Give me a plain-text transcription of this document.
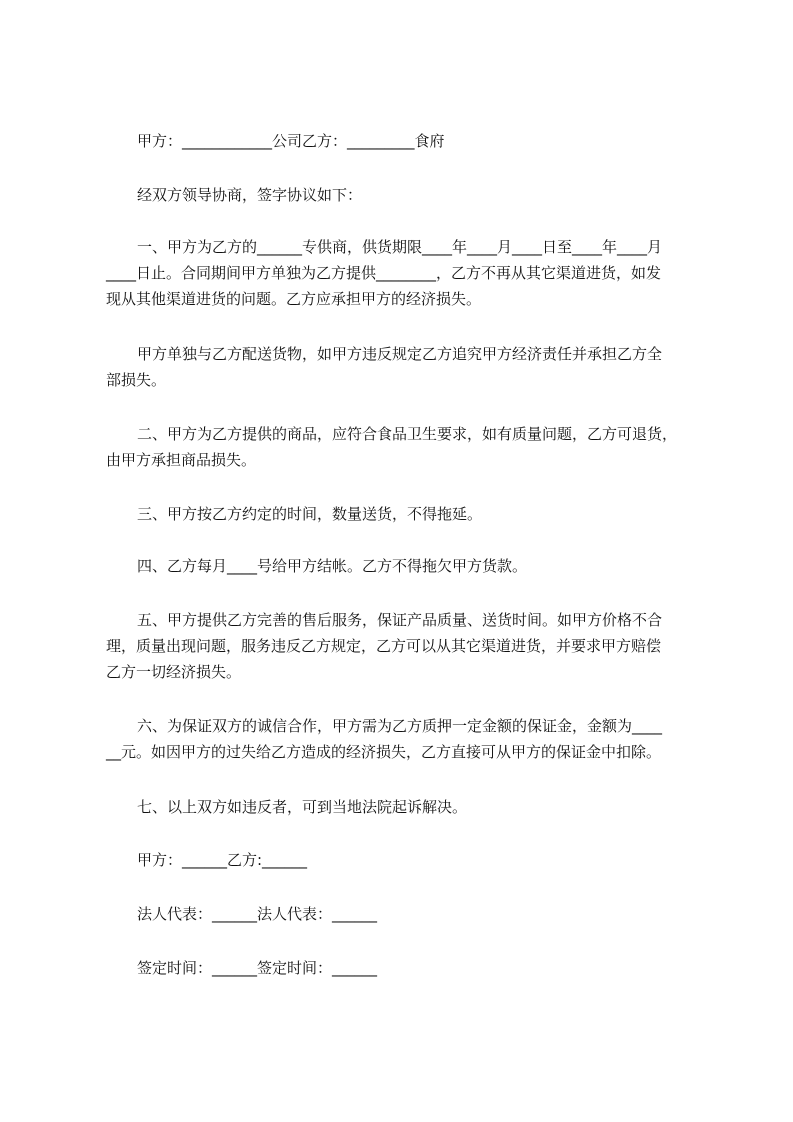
甲方：____________公司乙方：_________食府
经双方领导协商，签字协议如下：
一、甲方为乙方的______专供商，供货期限____年____月____日至____年____月
____日止。合同期间甲方单独为乙方提供________，乙方不再从其它渠道进货，如发
现从其他渠道进货的问题。乙方应承担甲方的经济损失。
甲方单独与乙方配送货物，如甲方违反规定乙方追究甲方经济责任并承担乙方全
部损失。
二、甲方为乙方提供的商品，应符合食品卫生要求，如有质量问题，乙方可退货，
由甲方承担商品损失。
三、甲方按乙方约定的时间，数量送货，不得拖延。
四、乙方每月____号给甲方结帐。乙方不得拖欠甲方货款。
五、甲方提供乙方完善的售后服务，保证产品质量、送货时间。如甲方价格不合
理，质量出现问题，服务违反乙方规定，乙方可以从其它渠道进货，并要求甲方赔偿
乙方一切经济损失。
六、为保证双方的诚信合作，甲方需为乙方质押一定金额的保证金，金额为____
__元。如因甲方的过失给乙方造成的经济损失，乙方直接可从甲方的保证金中扣除。
七、以上双方如违反者，可到当地法院起诉解决。
甲方：______乙方:______
法人代表：______法人代表：______
签定时间：______签定时间：______
